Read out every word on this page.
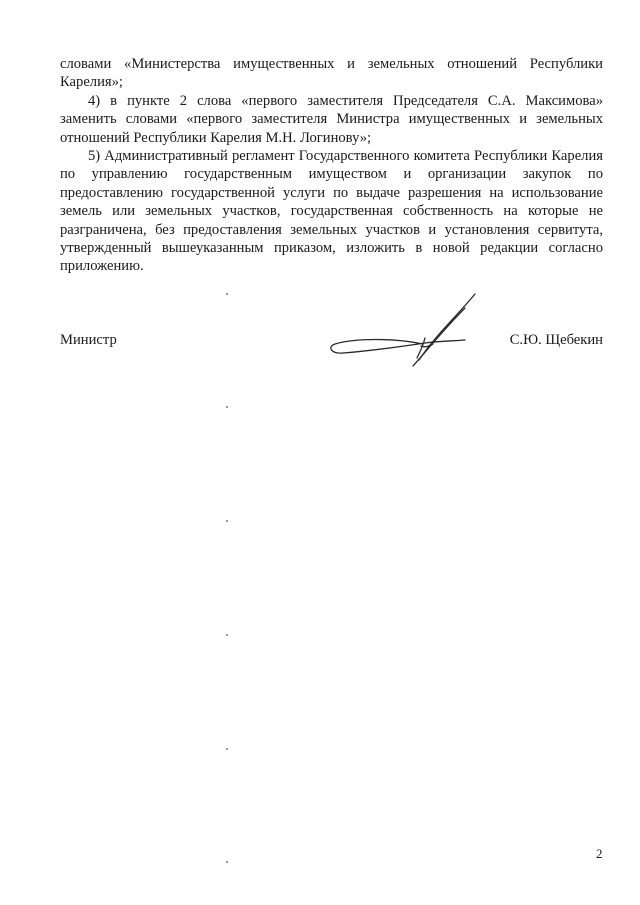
словами «Министерства имущественных и земельных отношений Республики Карелия»;

4) в пункте 2 слова «первого заместителя Председателя С.А. Максимова» заменить словами «первого заместителя Министра имущественных и земельных отношений Республики Карелия М.Н. Логинову»;

5) Административный регламент Государственного комитета Республики Карелия по управлению государственным имуществом и организации закупок по предоставлению государственной услуги по выдаче разрешения на использование земель или земельных участков, государственная собственность на которые не разграничена, без предоставления земельных участков и установления сервитута, утвержденный вышеуказанным приказом, изложить в новой редакции согласно приложению.

Министр	С.Ю. Щебекин
2
